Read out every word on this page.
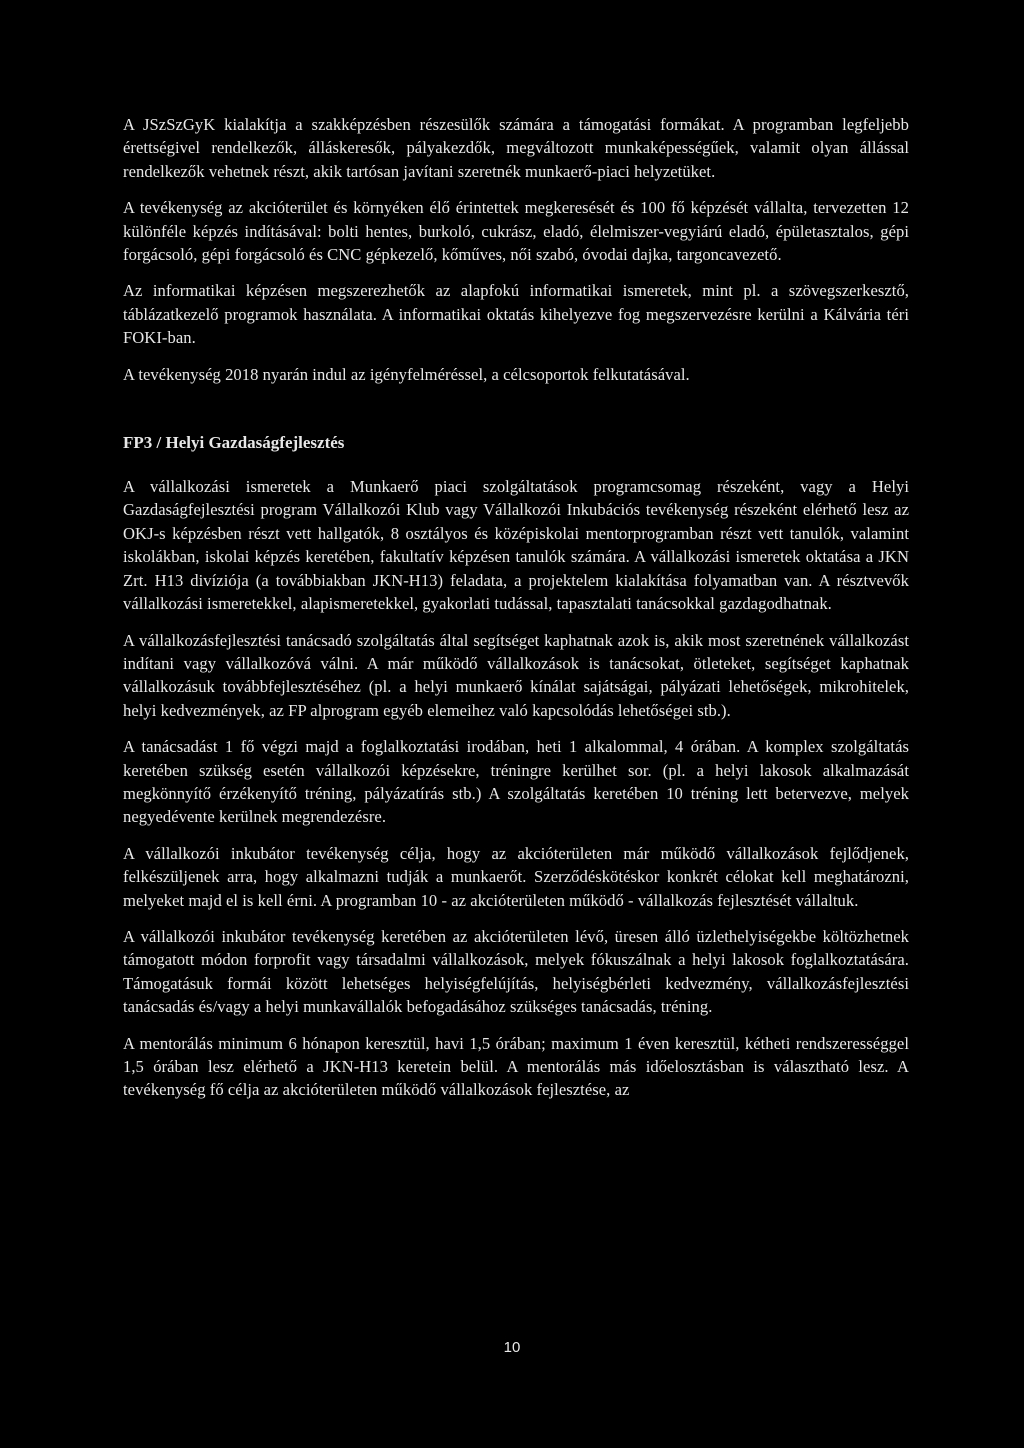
A JSzSzGyK kialakítja a szakképzésben részesülők számára a támogatási formákat. A programban legfeljebb érettségivel rendelkezők, álláskeresők, pályakezdők, megváltozott munkaképességűek, valamit olyan állással rendelkezők vehetnek részt, akik tartósan javítani szeretnék munkaerő-piaci helyzetüket.

A tevékenység az akcióterület és környéken élő érintettek megkeresését és 100 fő képzését vállalta, tervezetten 12 különféle képzés indításával: bolti hentes, burkoló, cukrász, eladó, élelmiszer-vegyiárú eladó, épületasztalos, gépi forgácsoló, gépi forgácsoló és CNC gépkezelő, kőműves, női szabó, óvodai dajka, targoncavezető.

Az informatikai képzésen megszerezhetők az alapfokú informatikai ismeretek, mint pl. a szövegszerkesztő, táblázatkezelő programok használata. A informatikai oktatás kihelyezve fog megszervezésre kerülni a Kálvária téri FOKI-ban.

A tevékenység 2018 nyarán indul az igényfelméréssel, a célcsoportok felkutatásával.

FP3 / Helyi Gazdaságfejlesztés

A vállalkozási ismeretek a Munkaerő piaci szolgáltatások programcsomag részeként, vagy a Helyi Gazdaságfejlesztési program Vállalkozói Klub vagy Vállalkozói Inkubációs tevékenység részeként elérhető lesz az OKJ-s képzésben részt vett hallgatók, 8 osztályos és középiskolai mentorprogramban részt vett tanulók, valamint iskolákban, iskolai képzés keretében, fakultatív képzésen tanulók számára. A vállalkozási ismeretek oktatása a JKN Zrt. H13 divíziója (a továbbiakban JKN-H13) feladata, a projektelem kialakítása folyamatban van. A résztvevők vállalkozási ismeretekkel, alapismeretekkel, gyakorlati tudással, tapasztalati tanácsokkal gazdagodhatnak.

A vállalkozásfejlesztési tanácsadó szolgáltatás által segítséget kaphatnak azok is, akik most szeretnének vállalkozást indítani vagy vállalkozóvá válni. A már működő vállalkozások is tanácsokat, ötleteket, segítséget kaphatnak vállalkozásuk továbbfejlesztéséhez (pl. a helyi munkaerő kínálat sajátságai, pályázati lehetőségek, mikrohitelek, helyi kedvezmények, az FP alprogram egyéb elemeihez való kapcsolódás lehetőségei stb.).

A tanácsadást 1 fő végzi majd a foglalkoztatási irodában, heti 1 alkalommal, 4 órában. A komplex szolgáltatás keretében szükség esetén vállalkozói képzésekre, tréningre kerülhet sor. (pl. a helyi lakosok alkalmazását megkönnyítő érzékenyítő tréning, pályázatírás stb.) A szolgáltatás keretében 10 tréning lett betervezve, melyek negyedévente kerülnek megrendezésre.

A vállalkozói inkubátor tevékenység célja, hogy az akcióterületen már működő vállalkozások fejlődjenek, felkészüljenek arra, hogy alkalmazni tudják a munkaerőt. Szerződéskötéskor konkrét célokat kell meghatározni, melyeket majd el is kell érni. A programban 10 - az akcióterületen működő - vállalkozás fejlesztését vállaltuk.

A vállalkozói inkubátor tevékenység keretében az akcióterületen lévő, üresen álló üzlethelyiségekbe költözhetnek támogatott módon forprofit vagy társadalmi vállalkozások, melyek fókuszálnak a helyi lakosok foglalkoztatására. Támogatásuk formái között lehetséges helyiségfelújítás, helyiségbérleti kedvezmény, vállalkozásfejlesztési tanácsadás és/vagy a helyi munkavállalók befogadásához szükséges tanácsadás, tréning.

A mentorálás minimum 6 hónapon keresztül, havi 1,5 órában; maximum 1 éven keresztül, kétheti rendszerességgel 1,5 órában lesz elérhető a JKN-H13 keretein belül. A mentorálás más időelosztásban is választható lesz. A tevékenység fő célja az akcióterületen működő vállalkozások fejlesztése, az

10
